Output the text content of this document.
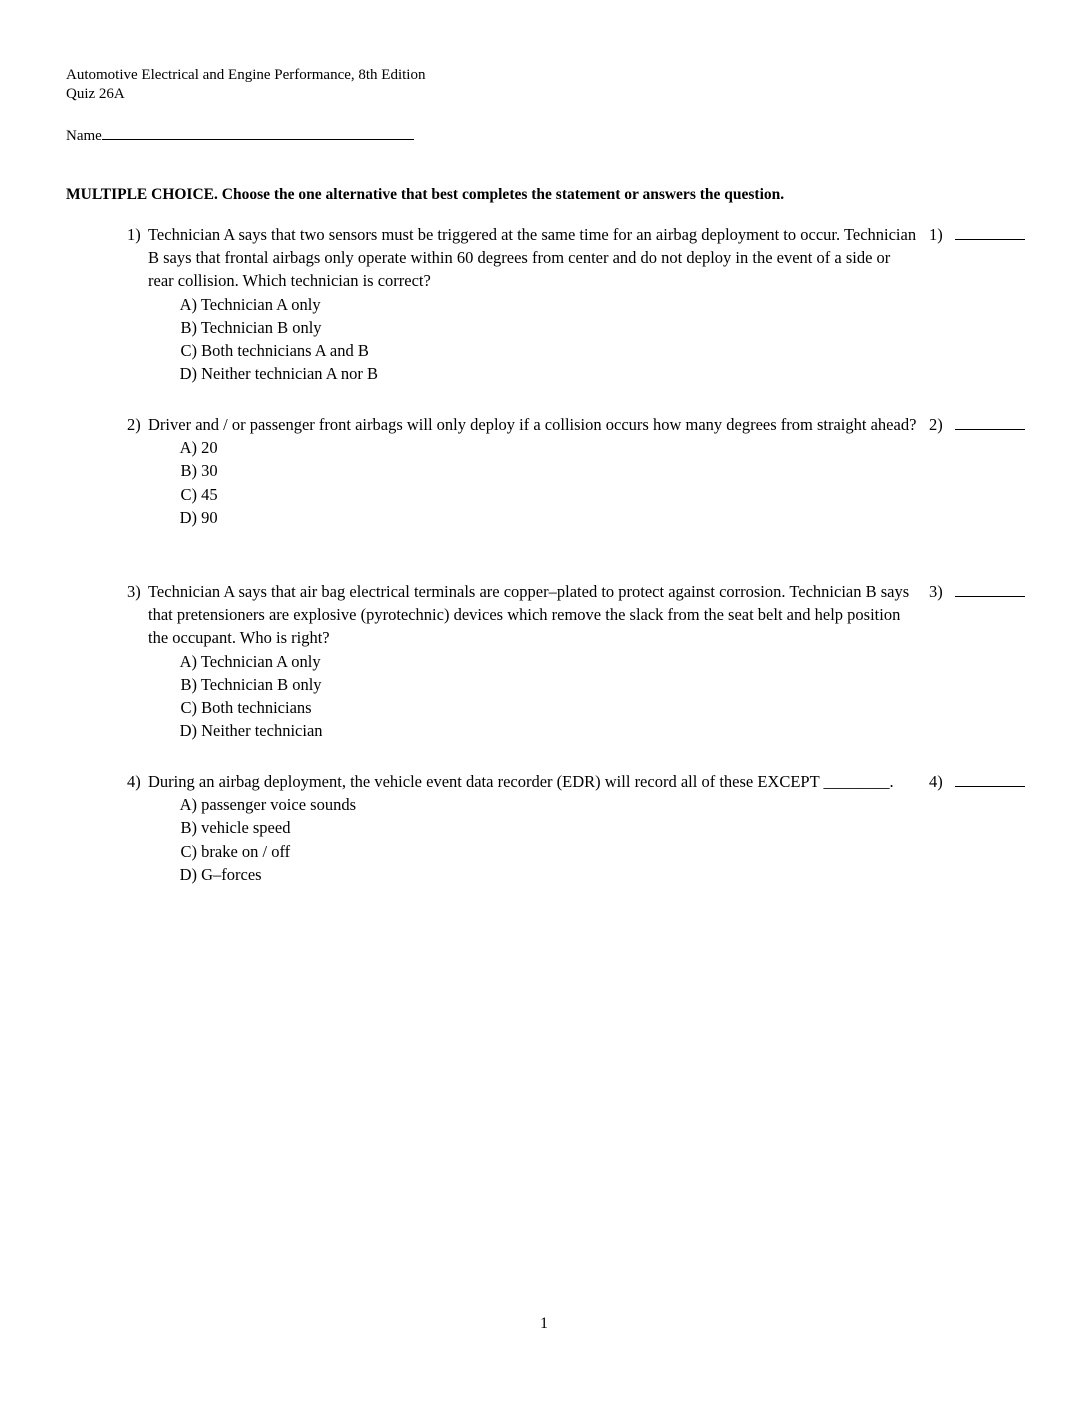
Automotive Electrical and Engine Performance, 8th Edition
Quiz 26A
Name
MULTIPLE CHOICE. Choose the one alternative that best completes the statement or answers the question.
1) Technician A says that two sensors must be triggered at the same time for an airbag deployment to occur. Technician B says that frontal airbags only operate within 60 degrees from center and do not deploy in the event of a side or rear collision. Which technician is correct?
A) Technician A only
B) Technician B only
C) Both technicians A and B
D) Neither technician A nor B
1)
2) Driver and / or passenger front airbags will only deploy if a collision occurs how many degrees from straight ahead?
A) 20
B) 30
C) 45
D) 90
2)
3) Technician A says that air bag electrical terminals are copper–plated to protect against corrosion. Technician B says that pretensioners are explosive (pyrotechnic) devices which remove the slack from the seat belt and help position the occupant. Who is right?
A) Technician A only
B) Technician B only
C) Both technicians
D) Neither technician
3)
4) During an airbag deployment, the vehicle event data recorder (EDR) will record all of these EXCEPT ________.
A) passenger voice sounds
B) vehicle speed
C) brake on / off
D) G–forces
4)
1
